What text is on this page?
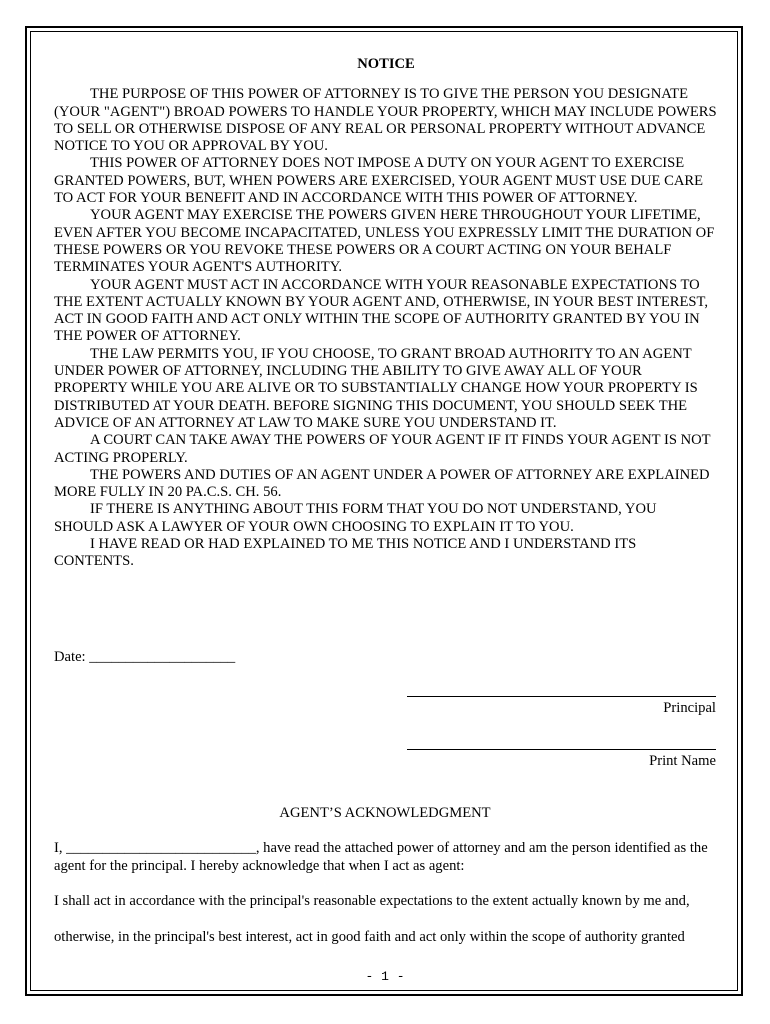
NOTICE

THE PURPOSE OF THIS POWER OF ATTORNEY IS TO GIVE THE PERSON YOU DESIGNATE (YOUR "AGENT") BROAD POWERS TO HANDLE YOUR PROPERTY, WHICH MAY INCLUDE POWERS TO SELL OR OTHERWISE DISPOSE OF ANY REAL OR PERSONAL PROPERTY WITHOUT ADVANCE NOTICE TO YOU OR APPROVAL BY YOU.

THIS POWER OF ATTORNEY DOES NOT IMPOSE A DUTY ON YOUR AGENT TO EXERCISE GRANTED POWERS, BUT, WHEN POWERS ARE EXERCISED, YOUR AGENT MUST USE DUE CARE TO ACT FOR YOUR BENEFIT AND IN ACCORDANCE WITH THIS POWER OF ATTORNEY.

YOUR AGENT MAY EXERCISE THE POWERS GIVEN HERE THROUGHOUT YOUR LIFETIME, EVEN AFTER YOU BECOME INCAPACITATED, UNLESS YOU EXPRESSLY LIMIT THE DURATION OF THESE POWERS OR YOU REVOKE THESE POWERS OR A COURT ACTING ON YOUR BEHALF TERMINATES YOUR AGENT'S AUTHORITY.

YOUR AGENT MUST ACT IN ACCORDANCE WITH YOUR REASONABLE EXPECTATIONS TO THE EXTENT ACTUALLY KNOWN BY YOUR AGENT AND, OTHERWISE, IN YOUR BEST INTEREST, ACT IN GOOD FAITH AND ACT ONLY WITHIN THE SCOPE OF AUTHORITY GRANTED BY YOU IN THE POWER OF ATTORNEY.

THE LAW PERMITS YOU, IF YOU CHOOSE, TO GRANT BROAD AUTHORITY TO AN AGENT UNDER POWER OF ATTORNEY, INCLUDING THE ABILITY TO GIVE AWAY ALL OF YOUR PROPERTY WHILE YOU ARE ALIVE OR TO SUBSTANTIALLY CHANGE HOW YOUR PROPERTY IS DISTRIBUTED AT YOUR DEATH. BEFORE SIGNING THIS DOCUMENT, YOU SHOULD SEEK THE ADVICE OF AN ATTORNEY AT LAW TO MAKE SURE YOU UNDERSTAND IT.

A COURT CAN TAKE AWAY THE POWERS OF YOUR AGENT IF IT FINDS YOUR AGENT IS NOT ACTING PROPERLY.

THE POWERS AND DUTIES OF AN AGENT UNDER A POWER OF ATTORNEY ARE EXPLAINED MORE FULLY IN 20 PA.C.S. CH. 56.

IF THERE IS ANYTHING ABOUT THIS FORM THAT YOU DO NOT UNDERSTAND, YOU SHOULD ASK A LAWYER OF YOUR OWN CHOOSING TO EXPLAIN IT TO YOU.

I HAVE READ OR HAD EXPLAINED TO ME THIS NOTICE AND I UNDERSTAND ITS CONTENTS.

Date: ____________________
Principal
Print Name
AGENT’S ACKNOWLEDGMENT
I, __________________________, have read the attached power of attorney and am the person identified as the agent for the principal. I hereby acknowledge that when I act as agent:
I shall act in accordance with the principal's reasonable expectations to the extent actually known by me and,
otherwise, in the principal's best interest, act in good faith and act only within the scope of authority granted
- 1 -
